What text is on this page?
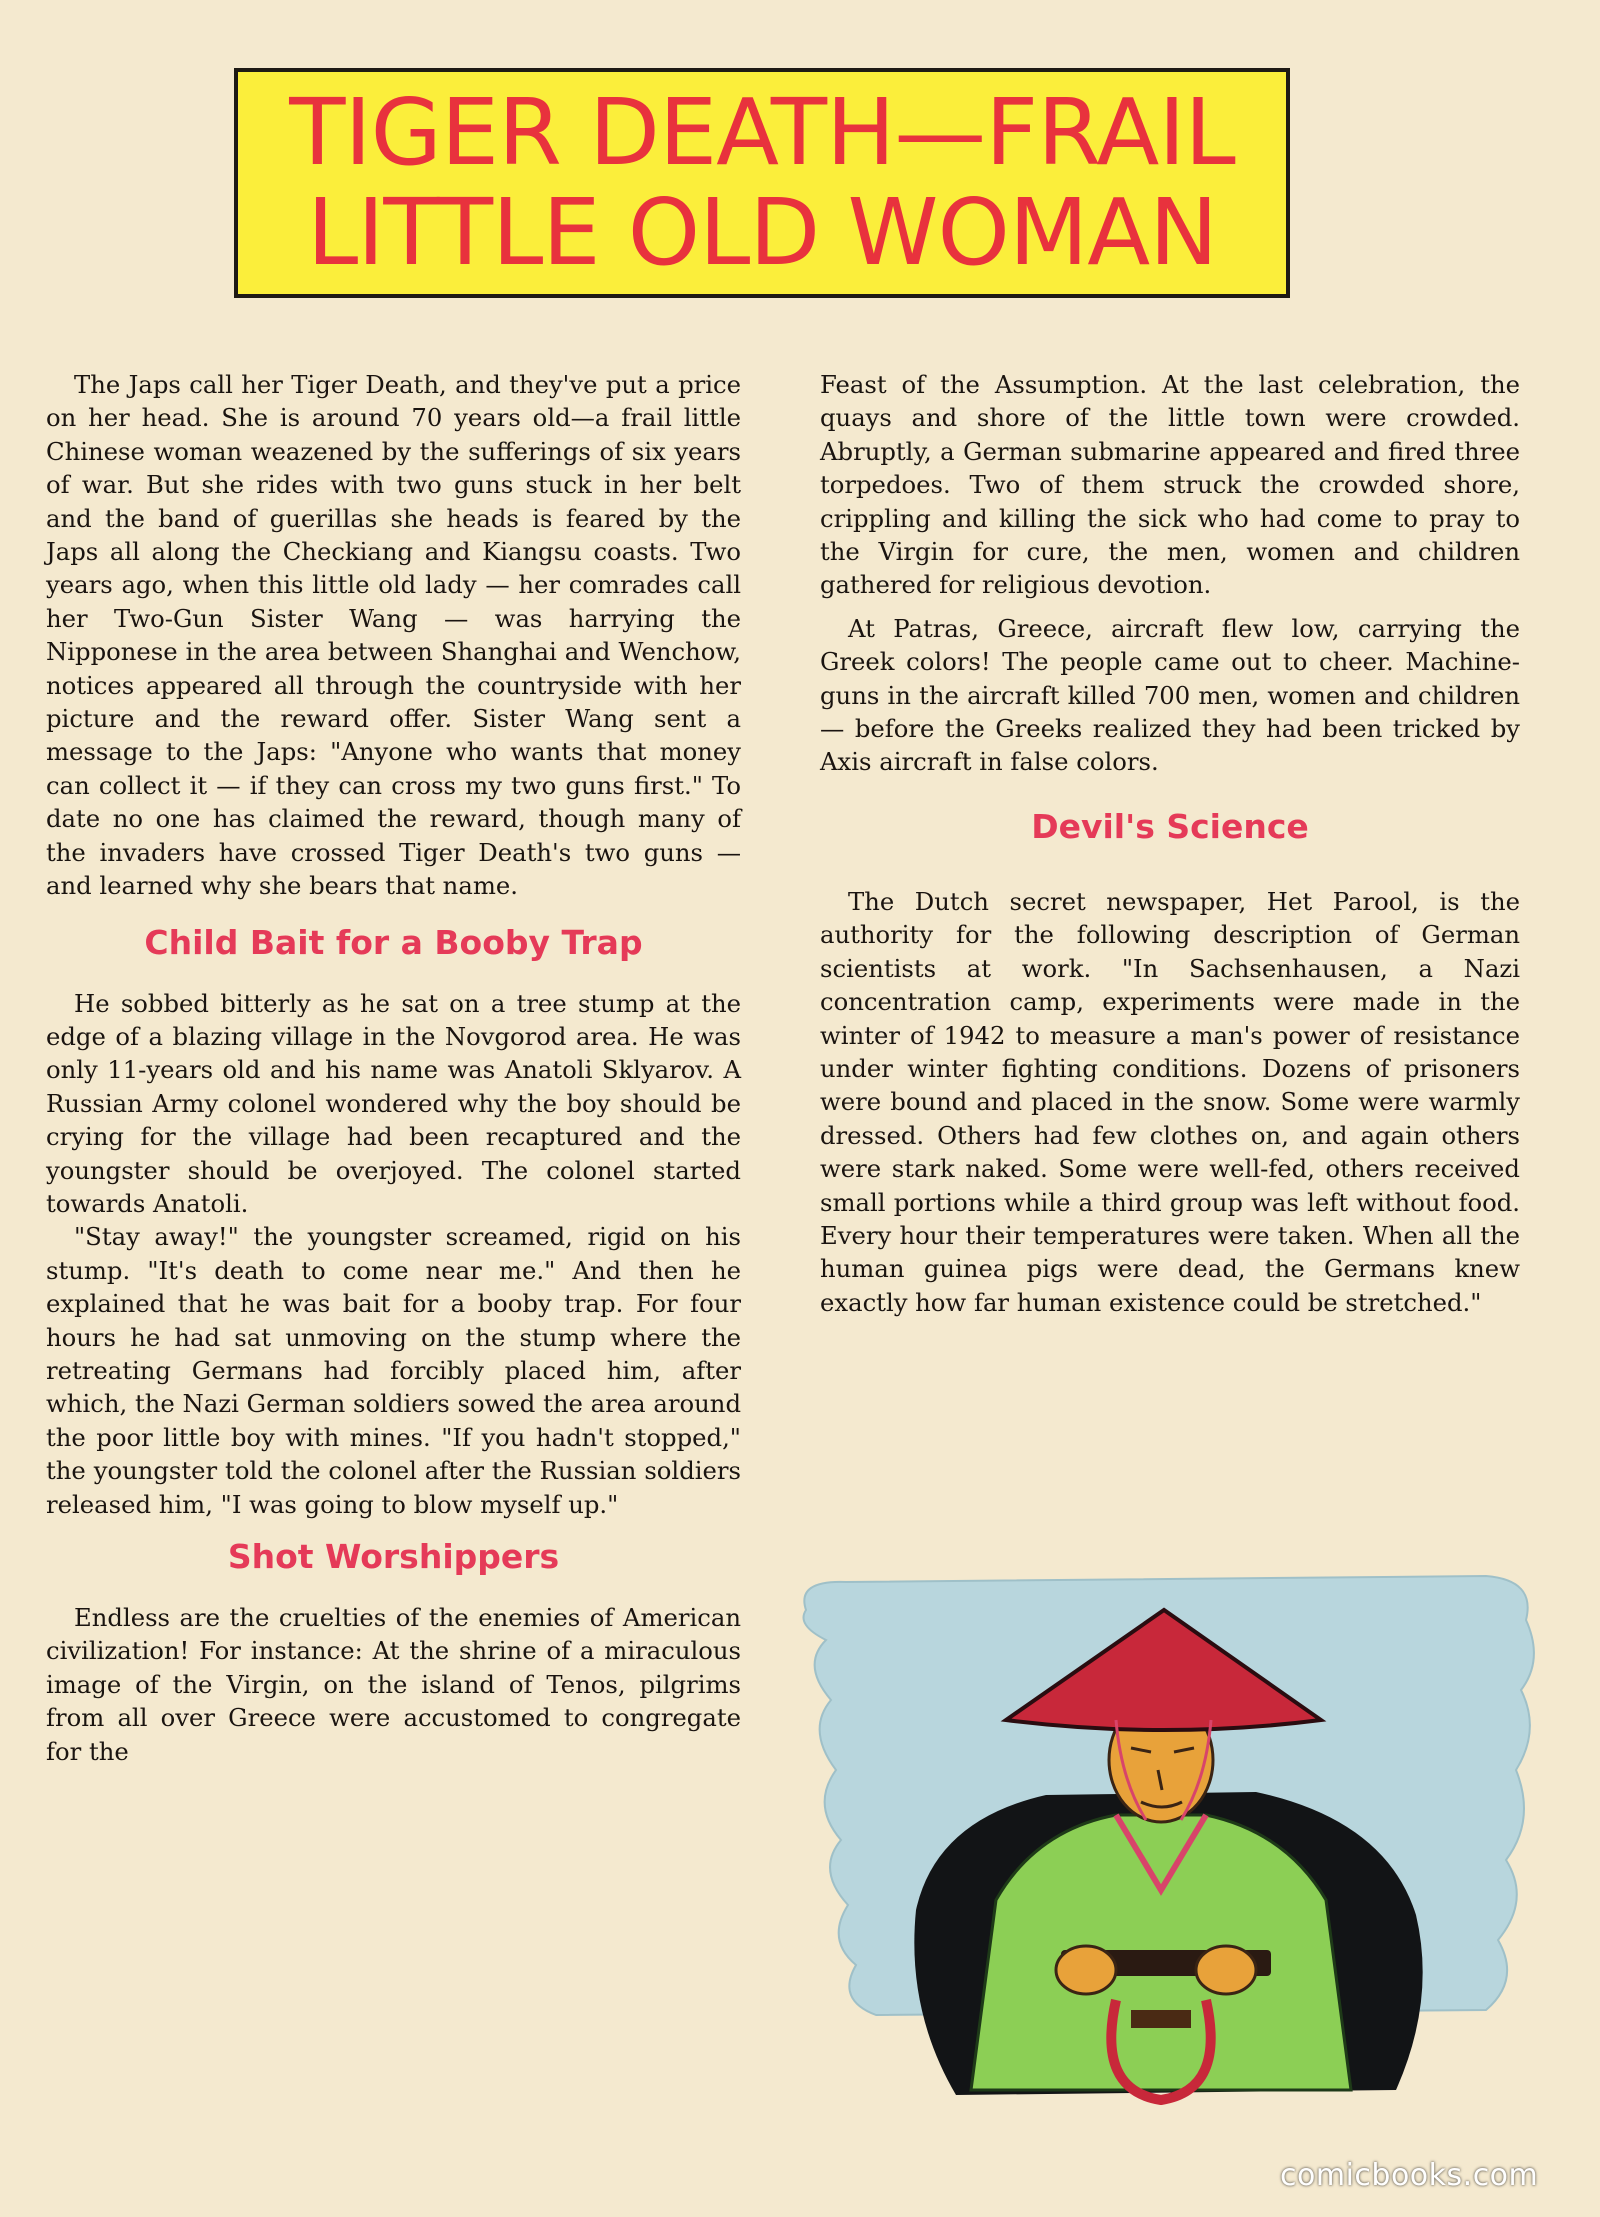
TIGER DEATH—FRAIL
LITTLE OLD WOMAN

The Japs call her Tiger Death, and they've put a price on her head. She is around 70 years old—a frail little Chinese woman weazened by the sufferings of six years of war. But she rides with two guns stuck in her belt and the band of guerillas she heads is feared by the Japs all along the Checkiang and Kiangsu coasts. Two years ago, when this little old lady — her comrades call her Two-Gun Sister Wang — was harrying the Nipponese in the area between Shanghai and Wenchow, notices appeared all through the countryside with her picture and the reward offer. Sister Wang sent a message to the Japs: "Anyone who wants that money can collect it — if they can cross my two guns first." To date no one has claimed the reward, though many of the invaders have crossed Tiger Death's two guns — and learned why she bears that name.

Child Bait for a Booby Trap

He sobbed bitterly as he sat on a tree stump at the edge of a blazing village in the Novgorod area. He was only 11-years old and his name was Anatoli Sklyarov. A Russian Army colonel wondered why the boy should be crying for the village had been recaptured and the youngster should be overjoyed. The colonel started towards Anatoli.

"Stay away!" the youngster screamed, rigid on his stump. "It's death to come near me." And then he explained that he was bait for a booby trap. For four hours he had sat unmoving on the stump where the retreating Germans had forcibly placed him, after which, the Nazi German soldiers sowed the area around the poor little boy with mines. "If you hadn't stopped," the youngster told the colonel after the Russian soldiers released him, "I was going to blow myself up."

Shot Worshippers

Endless are the cruelties of the enemies of American civilization! For instance: At the shrine of a miraculous image of the Virgin, on the island of Tenos, pilgrims from all over Greece were accustomed to congregate for the

Feast of the Assumption. At the last celebration, the quays and shore of the little town were crowded. Abruptly, a German submarine appeared and fired three torpedoes. Two of them struck the crowded shore, crippling and killing the sick who had come to pray to the Virgin for cure, the men, women and children gathered for religious devotion.

At Patras, Greece, aircraft flew low, carrying the Greek colors! The people came out to cheer. Machine-guns in the aircraft killed 700 men, women and children — before the Greeks realized they had been tricked by Axis aircraft in false colors.

Devil's Science

The Dutch secret newspaper, Het Parool, is the authority for the following description of German scientists at work. "In Sachsenhausen, a Nazi concentration camp, experiments were made in the winter of 1942 to measure a man's power of resistance under winter fighting conditions. Dozens of prisoners were bound and placed in the snow. Some were warmly dressed. Others had few clothes on, and again others were stark naked. Some were well-fed, others received small portions while a third group was left without food. Every hour their temperatures were taken. When all the human guinea pigs were dead, the Germans knew exactly how far human existence could be stretched."

comicbooks.com
